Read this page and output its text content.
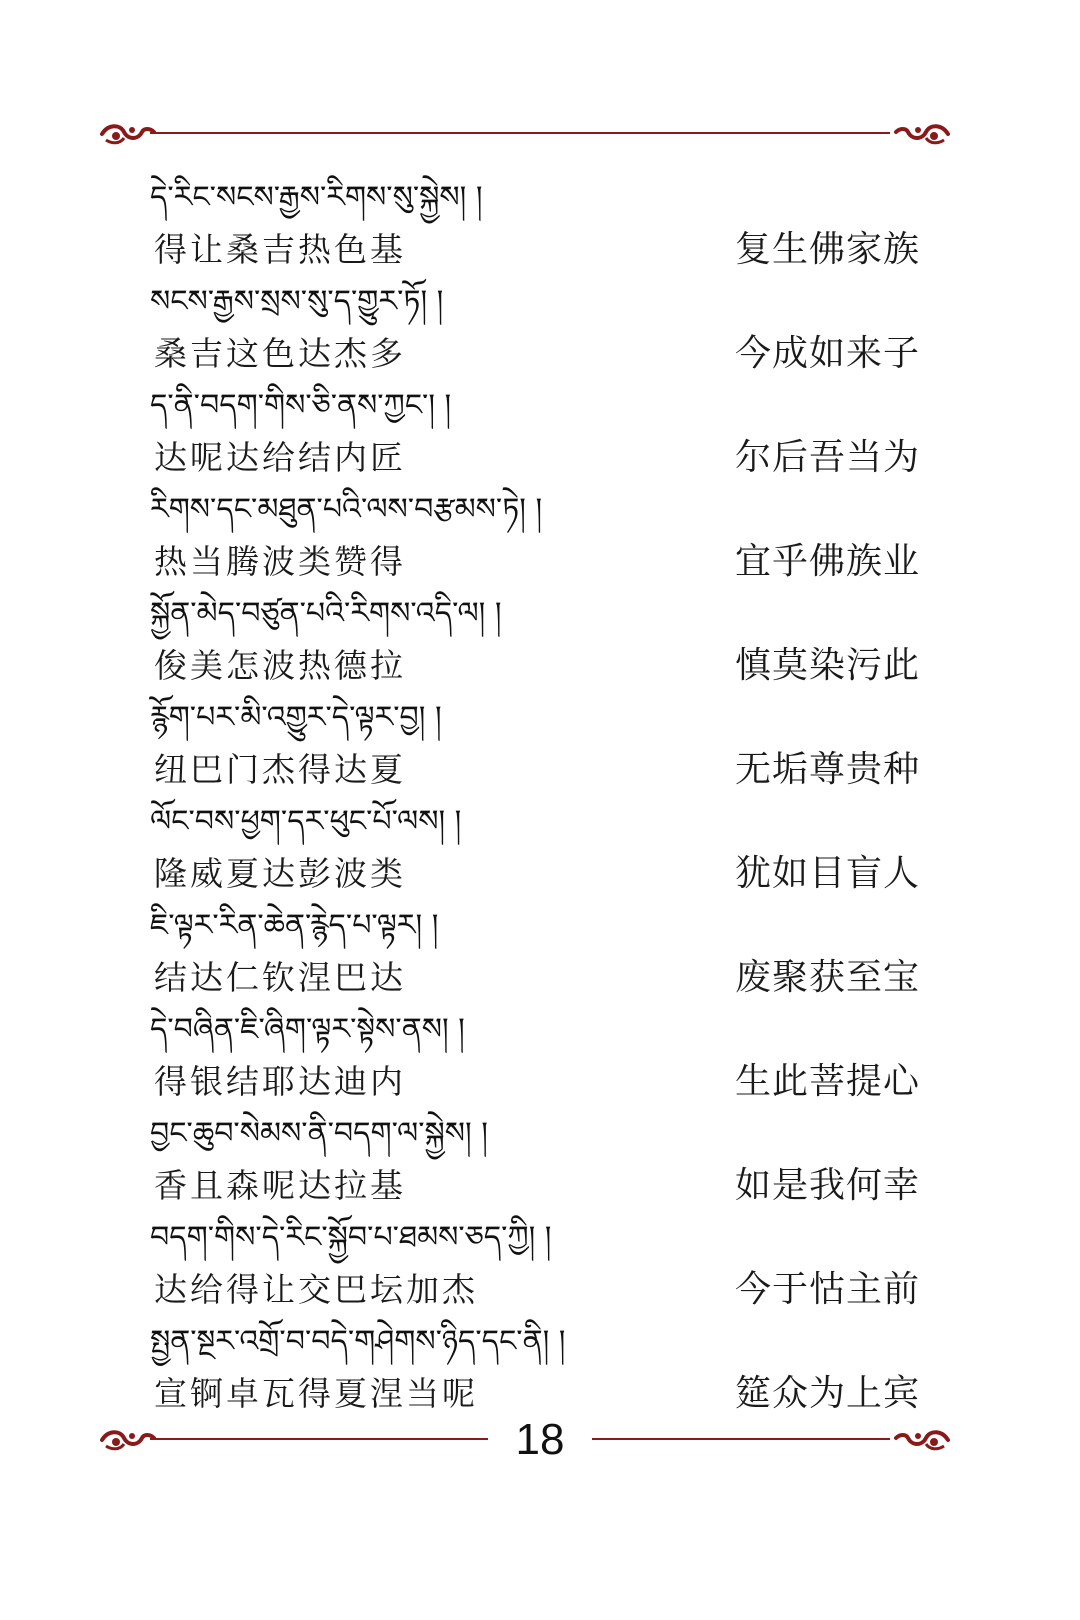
དེ་རིང་སངས་རྒྱས་རིགས་སུ་སྐྱེས། །
得让桑吉热色基	复生佛家族
སངས་རྒྱས་སྲས་སུ་ད་གྱུར་ཏོ། །
桑吉这色达杰多	今成如来子
ད་ནི་བདག་གིས་ཅི་ནས་ཀྱང་། །
达呢达给结内匠	尔后吾当为
རིགས་དང་མཐུན་པའི་ལས་བརྩམས་ཏེ། །
热当腾波类赞得	宜乎佛族业
སྐྱོན་མེད་བཙུན་པའི་རིགས་འདི་ལ། །
俊美怎波热德拉	慎莫染污此
རྙོག་པར་མི་འགྱུར་དེ་ལྟར་བྱ། །
纽巴门杰得达夏	无垢尊贵种
ལོང་བས་ཕྱག་དར་ཕུང་པོ་ལས། །
隆威夏达彭波类	犹如目盲人
ཇི་ལྟར་རིན་ཆེན་རྙེད་པ་ལྟར། །
结达仁钦涅巴达	废聚获至宝
དེ་བཞིན་ཇི་ཞིག་ལྟར་སྟེས་ནས། །
得银结耶达迪内	生此菩提心
བྱང་ཆུབ་སེམས་ནི་བདག་ལ་སྐྱེས། །
香且森呢达拉基	如是我何幸
བདག་གིས་དེ་རིང་སྐྱོབ་པ་ཐམས་ཅད་ཀྱི། །
达给得让交巴坛加杰	今于怙主前
སྤྱན་སྔར་འགྲོ་བ་བདེ་གཤེགས་ཉིད་དང་ནི། །
宣锕卓瓦得夏涅当呢	筵众为上宾
18
